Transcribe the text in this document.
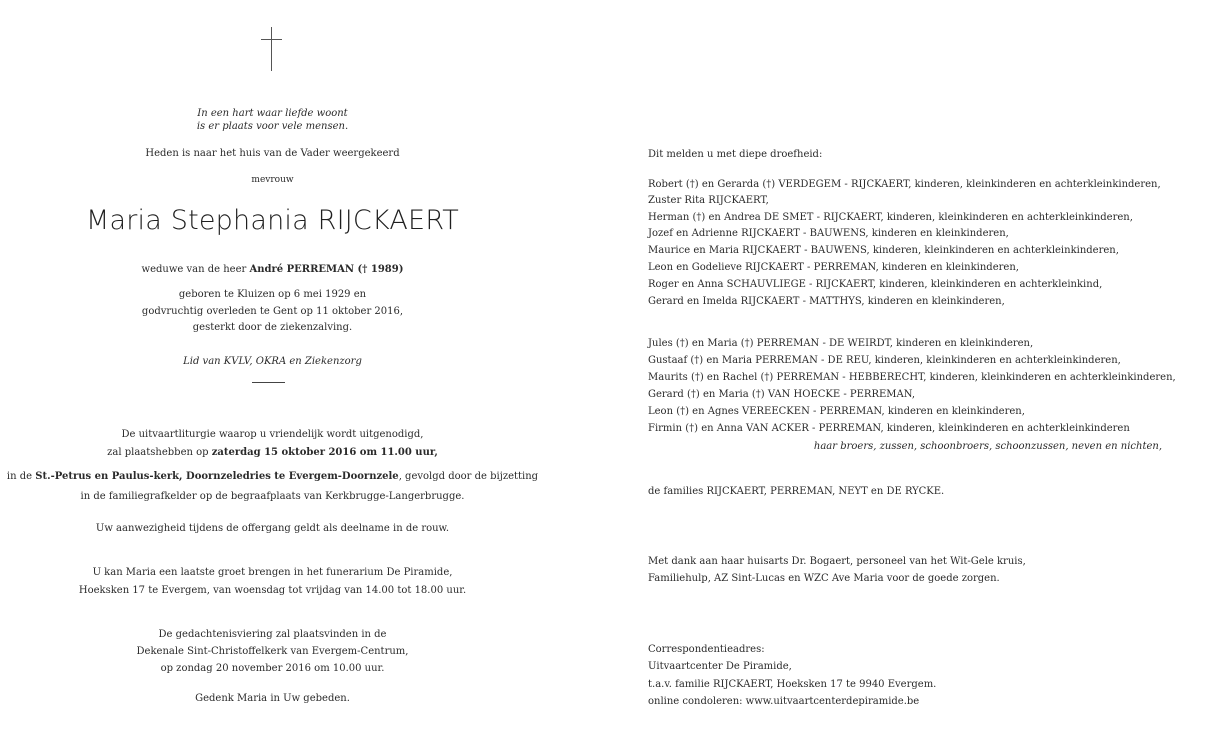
In een hart waar liefde woont
is er plaats voor vele mensen.
Heden is naar het huis van de Vader weergekeerd
mevrouw
Maria Stephania RIJCKAERT
weduwe van de heer André PERREMAN († 1989)
geboren te Kluizen op 6 mei 1929 en
godvruchtig overleden te Gent op 11 oktober 2016,
gesterkt door de ziekenzalving.
Lid van KVLV, OKRA en Ziekenzorg
De uitvaartliturgie waarop u vriendelijk wordt uitgenodigd,
zal plaatshebben op zaterdag 15 oktober 2016 om 11.00 uur,
in de St.-Petrus en Paulus-kerk, Doornzeledries te Evergem-Doornzele, gevolgd door de bijzetting
in de familiegrafkelder op de begraafplaats van Kerkbrugge-Langerbrugge.
Uw aanwezigheid tijdens de offergang geldt als deelname in de rouw.
U kan Maria een laatste groet brengen in het funerarium De Piramide,
Hoeksken 17 te Evergem, van woensdag tot vrijdag van 14.00 tot 18.00 uur.
De gedachtenisviering zal plaatsvinden in de
Dekenale Sint-Christoffelkerk van Evergem-Centrum,
op zondag 20 november 2016 om 10.00 uur.
Gedenk Maria in Uw gebeden.
Dit melden u met diepe droefheid:
Robert (†) en Gerarda (†) VERDEGEM - RIJCKAERT, kinderen, kleinkinderen en achterkleinkinderen,
Zuster Rita RIJCKAERT,
Herman (†) en Andrea DE SMET - RIJCKAERT, kinderen, kleinkinderen en achterkleinkinderen,
Jozef en Adrienne RIJCKAERT - BAUWENS, kinderen en kleinkinderen,
Maurice en Maria RIJCKAERT - BAUWENS, kinderen, kleinkinderen en achterkleinkinderen,
Leon en Godelieve RIJCKAERT - PERREMAN, kinderen en kleinkinderen,
Roger en Anna SCHAUVLIEGE - RIJCKAERT, kinderen, kleinkinderen en achterkleinkind,
Gerard en Imelda RIJCKAERT - MATTHYS, kinderen en kleinkinderen,
Jules (†) en Maria (†) PERREMAN - DE WEIRDT, kinderen en kleinkinderen,
Gustaaf (†) en Maria PERREMAN - DE REU, kinderen, kleinkinderen en achterkleinkinderen,
Maurits (†) en Rachel (†) PERREMAN - HEBBERECHT, kinderen, kleinkinderen en achterkleinkinderen,
Gerard (†) en Maria (†) VAN HOECKE - PERREMAN,
Leon (†) en Agnes VEREECKEN - PERREMAN, kinderen en kleinkinderen,
Firmin (†) en Anna VAN ACKER - PERREMAN, kinderen, kleinkinderen en achterkleinkinderen
haar broers, zussen, schoonbroers, schoonzussen, neven en nichten,
de families RIJCKAERT, PERREMAN, NEYT en DE RYCKE.
Met dank aan haar huisarts Dr. Bogaert, personeel van het Wit-Gele kruis,
Familiehulp, AZ Sint-Lucas en WZC Ave Maria voor de goede zorgen.
Correspondentieadres:
Uitvaartcenter De Piramide,
t.a.v. familie RIJCKAERT, Hoeksken 17 te 9940 Evergem.
online condoleren: www.uitvaartcenterdepiramide.be
